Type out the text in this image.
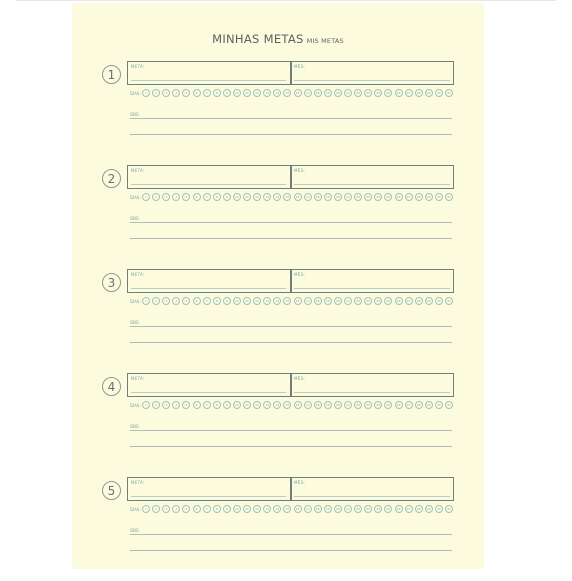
MINHAS METAS MIS METAS
1
META:	MÊS:
DIAS:	1	2	3	4	5	6	7	8	9	10	11	12	13	14	15	16	17	18	19	20	21	22	23	24	25	26	27	28	29	30	31
OBS:
2
META:	MÊS:
DIAS:	1	2	3	4	5	6	7	8	9	10	11	12	13	14	15	16	17	18	19	20	21	22	23	24	25	26	27	28	29	30	31
OBS:
3
META:	MÊS:
DIAS:	1	2	3	4	5	6	7	8	9	10	11	12	13	14	15	16	17	18	19	20	21	22	23	24	25	26	27	28	29	30	31
OBS:
4
META:	MÊS:
DIAS:	1	2	3	4	5	6	7	8	9	10	11	12	13	14	15	16	17	18	19	20	21	22	23	24	25	26	27	28	29	30	31
OBS:
5
META:	MÊS:
DIAS:	1	2	3	4	5	6	7	8	9	10	11	12	13	14	15	16	17	18	19	20	21	22	23	24	25	26	27	28	29	30	31
OBS:
